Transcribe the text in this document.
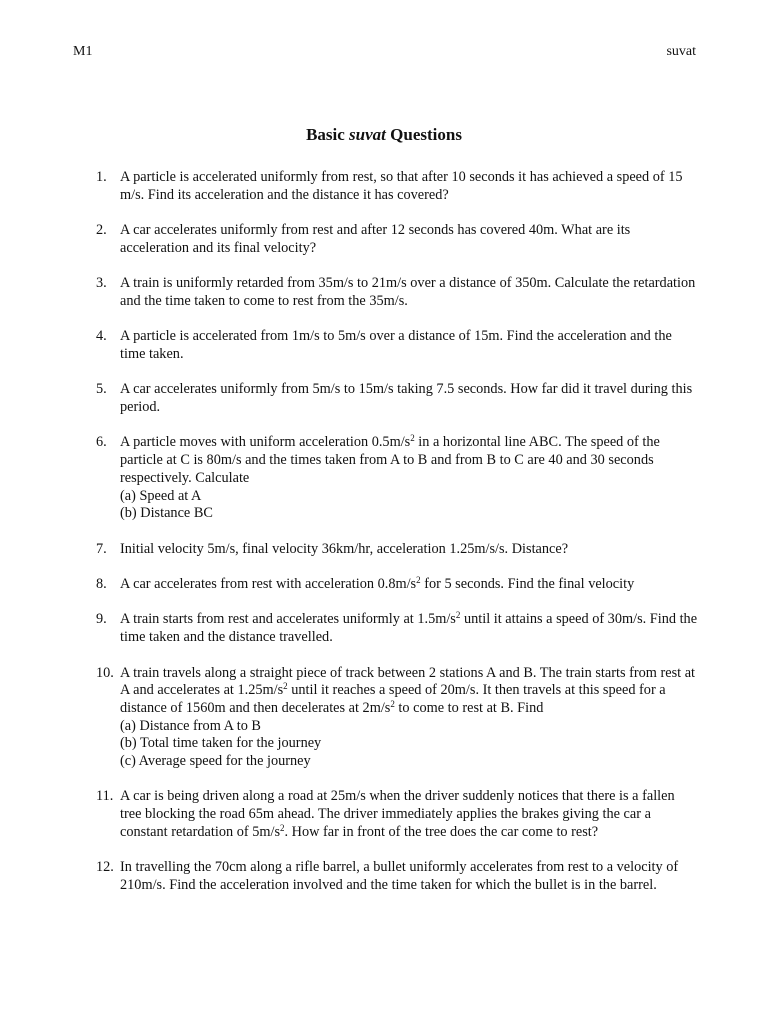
M1	suvat
Basic suvat Questions
1. A particle is accelerated uniformly from rest, so that after 10 seconds it has achieved a speed of 15 m/s. Find its acceleration and the distance it has covered?
2. A car accelerates uniformly from rest and after 12 seconds has covered 40m. What are its acceleration and its final velocity?
3. A train is uniformly retarded from 35m/s to 21m/s over a distance of 350m. Calculate the retardation and the time taken to come to rest from the 35m/s.
4. A particle is accelerated from 1m/s to 5m/s over a distance of 15m. Find the acceleration and the time taken.
5. A car accelerates uniformly from 5m/s to 15m/s taking 7.5 seconds. How far did it travel during this period.
6. A particle moves with uniform acceleration $0.5m/s^2$ in a horizontal line ABC. The speed of the particle at C is 80m/s and the times taken from A to B and from B to C are 40 and 30 seconds respectively. Calculate
(a) Speed at A
(b) Distance BC
7. Initial velocity 5m/s, final velocity 36km/hr, acceleration 1.25m/s/s. Distance?
8. A car accelerates from rest with acceleration $0.8m/s^2$ for 5 seconds. Find the final velocity
9. A train starts from rest and accelerates uniformly at $1.5m/s^2$ until it attains a speed of 30m/s. Find the time taken and the distance travelled.
10. A train travels along a straight piece of track between 2 stations A and B. The train starts from rest at A and accelerates at $1.25m/s^2$ until it reaches a speed of 20m/s. It then travels at this speed for a distance of 1560m and then decelerates at $2m/s^2$ to come to rest at B. Find
(a) Distance from A to B
(b) Total time taken for the journey
(c) Average speed for the journey
11. A car is being driven along a road at 25m/s when the driver suddenly notices that there is a fallen tree blocking the road 65m ahead. The driver immediately applies the brakes giving the car a constant retardation of $5m/s^2$. How far in front of the tree does the car come to rest?
12. In travelling the 70cm along a rifle barrel, a bullet uniformly accelerates from rest to a velocity of 210m/s. Find the acceleration involved and the time taken for which the bullet is in the barrel.
